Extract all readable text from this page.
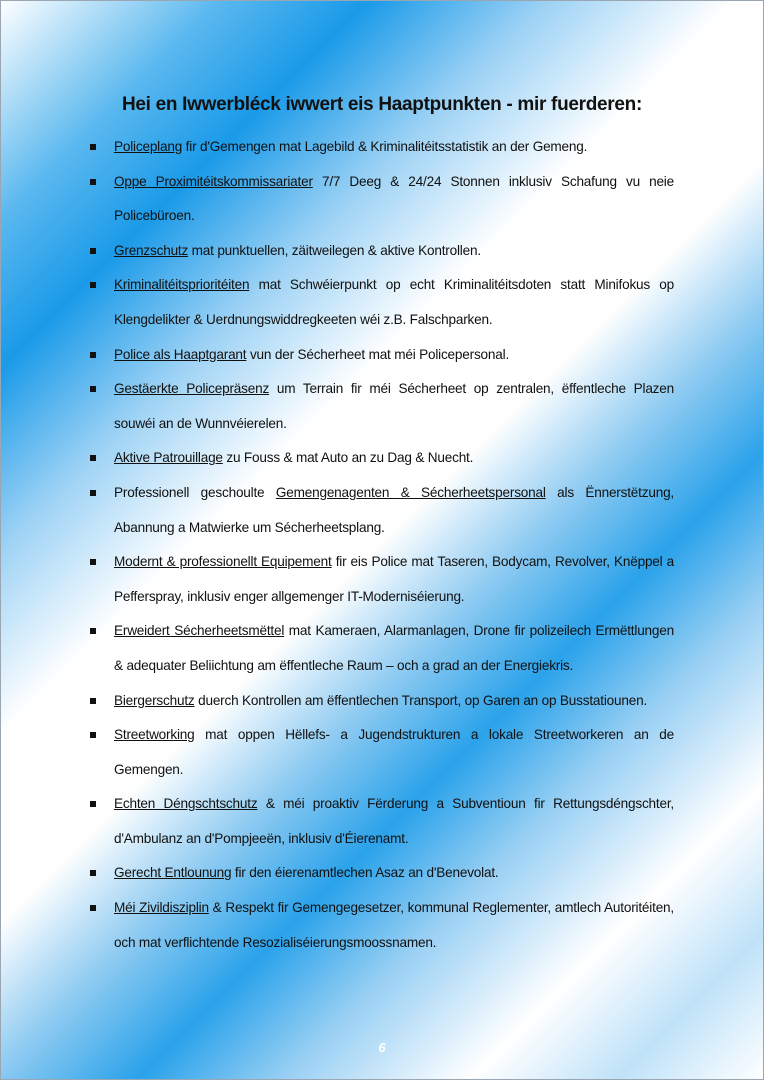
Hei en Iwwerbléck iwwert eis Haaptpunkten - mir fuerderen:
Policeplang fir d'Gemengen mat Lagebild & Kriminalitéitsstatistik an der Gemeng.
Oppe Proximitéitskommissariater 7/7 Deeg & 24/24 Stonnen inklusiv Schafung vu neie Policebüroen.
Grenzschutz mat punktuellen, zäitweilegen & aktive Kontrollen.
Kriminalitéitsprioritéiten mat Schwéierpunkt op echt Kriminalitéitsdoten statt Minifokus op Klengdelikter & Uerdnungswiddregkeeten wéi z.B. Falschparken.
Police als Haaptgarant vun der Sécherheet mat méi Policepersonal.
Gestäerkte Policepräsenz um Terrain fir méi Sécherheet op zentralen, ëffentleche Plazen souwéi an de Wunnvéierelen.
Aktive Patrouillage zu Fouss & mat Auto an zu Dag & Nuecht.
Professionell geschoulte Gemengenagenten & Sécherheetspersonal als Ënnerstëtzung, Abannung a Matwierke um Sécherheetsplang.
Modernt & professionellt Equipement fir eis Police mat Taseren, Bodycam, Revolver, Knëppel a Pefferspray, inklusiv enger allgemenger IT-Moderniséierung.
Erweidert Sécherheetsmëttel mat Kameraen, Alarmanlagen, Drone fir polizeilech Ermëttlungen & adequater Beliichtung am ëffentleche Raum – och a grad an der Energiekris.
Biergerschutz duerch Kontrollen am ëffentlechen Transport, op Garen an op Busstatiounen.
Streetworking mat oppen Hëllefs- a Jugendstrukturen a lokale Streetworkeren an de Gemengen.
Echten Déngschtschutz & méi proaktiv Fërderung a Subventioun fir Rettungsdéngschter, d'Ambulanz an d'Pompjeeën, inklusiv d'Éierenamt.
Gerecht Entlounung fir den éierenamtlechen Asaz an d'Benevolat.
Méi Zivildisziplin & Respekt fir Gemengegesetzer, kommunal Reglementer, amtlech Autoritéiten, och mat verflichtende Resozialiséierungsmoossnamen.
6
